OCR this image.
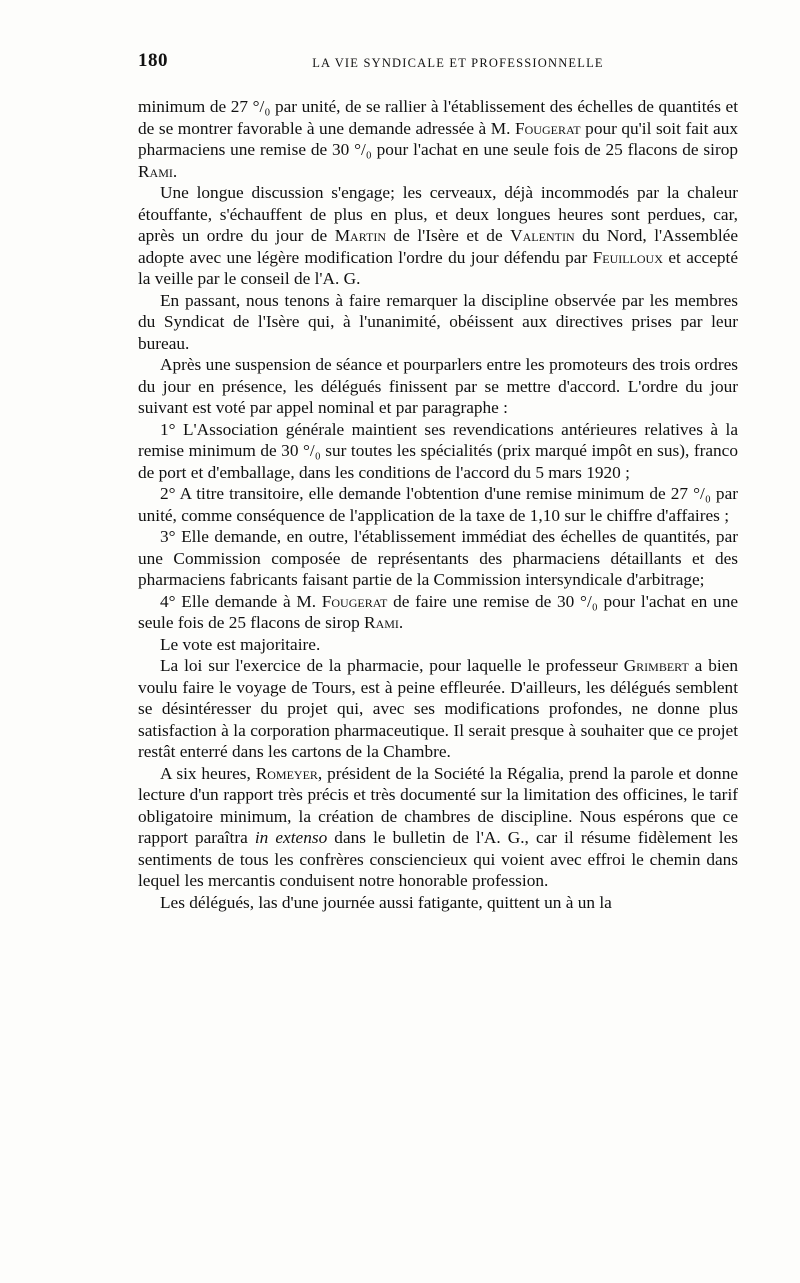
180	LA VIE SYNDICALE ET PROFESSIONNELLE

minimum de 27 °/₀ par unité, de se rallier à l'établissement des échelles de quantités et de se montrer favorable à une demande adressée à M. Fougerat pour qu'il soit fait aux pharmaciens une remise de 30 °/₀ pour l'achat en une seule fois de 25 flacons de sirop Rami.

Une longue discussion s'engage; les cerveaux, déjà incommodés par la chaleur étouffante, s'échauffent de plus en plus, et deux longues heures sont perdues, car, après un ordre du jour de Martin de l'Isère et de Valentin du Nord, l'Assemblée adopte avec une légère modification l'ordre du jour défendu par Feuilloux et accepté la veille par le conseil de l'A. G.

En passant, nous tenons à faire remarquer la discipline observée par les membres du Syndicat de l'Isère qui, à l'unanimité, obéissent aux directives prises par leur bureau.

Après une suspension de séance et pourparlers entre les promoteurs des trois ordres du jour en présence, les délégués finissent par se mettre d'accord. L'ordre du jour suivant est voté par appel nominal et par paragraphe :

1° L'Association générale maintient ses revendications antérieures relatives à la remise minimum de 30 °/₀ sur toutes les spécialités (prix marqué impôt en sus), franco de port et d'emballage, dans les conditions de l'accord du 5 mars 1920 ;

2° A titre transitoire, elle demande l'obtention d'une remise minimum de 27 °/₀ par unité, comme conséquence de l'application de la taxe de 1,10 sur le chiffre d'affaires ;

3° Elle demande, en outre, l'établissement immédiat des échelles de quantités, par une Commission composée de représentants des pharmaciens détaillants et des pharmaciens fabricants faisant partie de la Commission intersyndicale d'arbitrage;

4° Elle demande à M. Fougerat de faire une remise de 30 °/₀ pour l'achat en une seule fois de 25 flacons de sirop Rami.

Le vote est majoritaire.

La loi sur l'exercice de la pharmacie, pour laquelle le professeur Grimbert a bien voulu faire le voyage de Tours, est à peine effleurée. D'ailleurs, les délégués semblent se désintéresser du projet qui, avec ses modifications profondes, ne donne plus satisfaction à la corporation pharmaceutique. Il serait presque à souhaiter que ce projet restât enterré dans les cartons de la Chambre.

A six heures, Romeyer, président de la Société la Régalia, prend la parole et donne lecture d'un rapport très précis et très documenté sur la limitation des officines, le tarif obligatoire minimum, la création de chambres de discipline. Nous espérons que ce rapport paraîtra in extenso dans le bulletin de l'A. G., car il résume fidèlement les sentiments de tous les confrères consciencieux qui voient avec effroi le chemin dans lequel les mercantis conduisent notre honorable profession.

Les délégués, las d'une journée aussi fatigante, quittent un à un la
